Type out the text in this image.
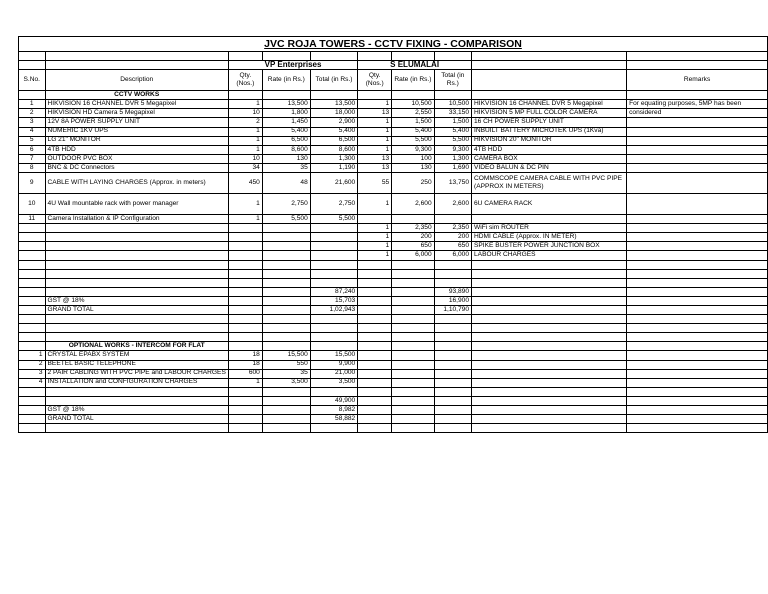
JVC ROJA TOWERS - CCTV FIXING - COMPARISON									

		VP Enterprises			S ELUMALAI				
S.No.	Description	Qty. (Nos.)	Rate (in Rs.)	Total (in Rs.)	Qty. (Nos.)	Rate (in Rs.)	Total (in Rs.)		Remarks
	CCTV WORKS								
1	HIKVISION 16 CHANNEL DVR 5 Megapixel	1	13,500	13,500	1	10,500	10,500	HIKVISION 16 CHANNEL DVR 5 Megapixel	For equating purposes, 5MP has been
2	HIKVISION HD Camera 5 Megapixel	10	1,800	18,000	13	2,550	33,150	HIKVISION 5 MP FULL COLOR CAMERA	considered
3	12V 8A POWER SUPPLY UNIT	2	1,450	2,900	1	1,500	1,500	16 CH POWER SUPPLY UNIT	
4	NUMERIC 1KV UPS	1	5,400	5,400	1	5,400	5,400	INBUILT BATTERY MICROTEK UPS (1Kva)	
5	LG 21" MONITOR	1	6,500	6,500	1	5,500	5,500	HIKVISION 20" MONITOR	
6	4TB HDD	1	8,600	8,600	1	9,300	9,300	4TB HDD	
7	OUTDOOR PVC BOX	10	130	1,300	13	100	1,300	CAMERA BOX	
8	BNC & DC Connectors	34	35	1,190	13	130	1,690	VIDEO BALUN & DC PIN	
9	CABLE WITH LAYING CHARGES (Approx. in meters)	450	48	21,600	55	250	13,750	COMMSCOPE CAMERA CABLE WITH PVC PIPE (APPROX IN METERS)	
10	4U Wall mountable rack with power manager	1	2,750	2,750	1	2,600	2,600	6U CAMERA RACK	
11	Camera Installation & IP Configuration	1	5,500	5,500					
					1	2,350	2,350	WiFi sim ROUTER	
					1	200	200	HDMI CABLE (Approx. IN METER)	
					1	650	650	SPIKE BUSTER POWER JUNCTION BOX	
					1	6,000	6,000	LABOUR CHARGES	

				87,240			93,890		
	GST @ 18%			15,703			16,900		
	GRAND TOTAL			1,02,943			1,10,790		

	OPTIONAL WORKS - INTERCOM FOR FLAT								
1	CRYSTAL EPABX SYSTEM	18	15,500	15,500					
2	BEETEL BASIC TELEPHONE	18	550	9,900					
3	2 PAIR CABLING WITH PVC PIPE and LABOUR CHARGES	600	35	21,000					
4	INSTALLATION and CONFIGURATION CHARGES	1	3,500	3,500					

				49,900					
	GST @ 18%			8,982					
	GRAND TOTAL			58,882					
